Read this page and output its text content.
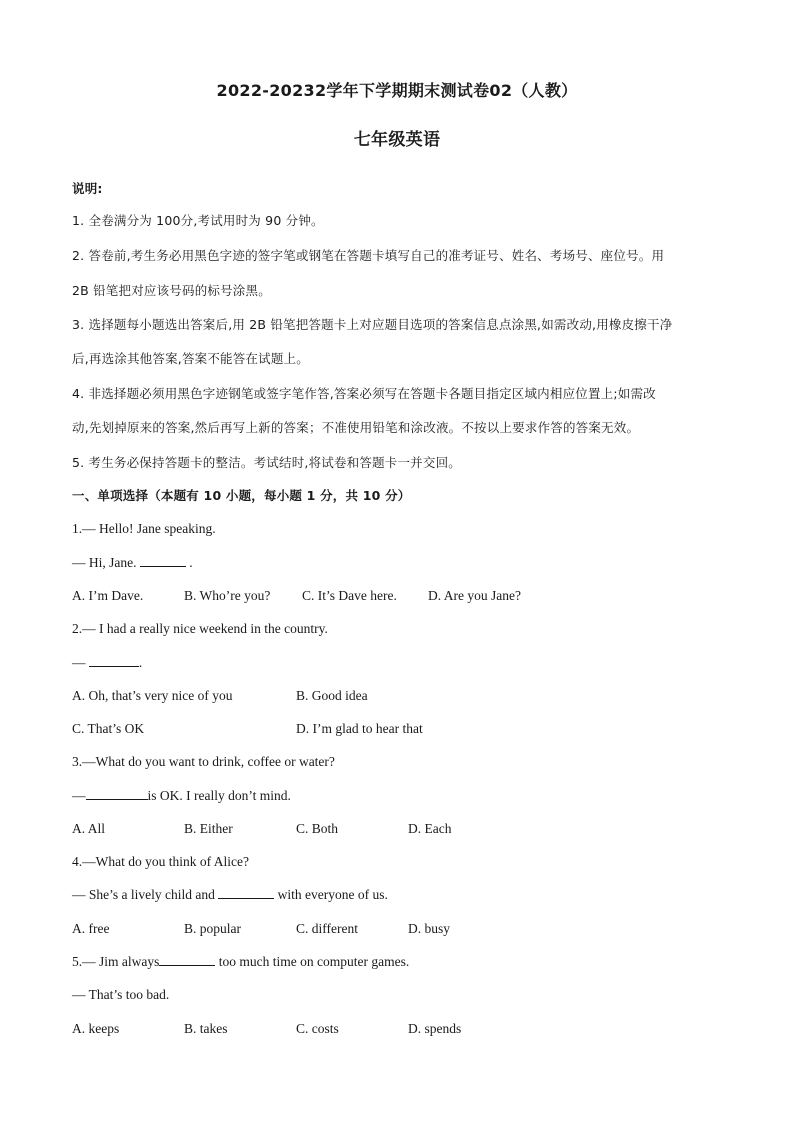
2022-20232学年下学期期末测试卷02（人教）
七年级英语
说明:
1. 全卷满分为 100分,考试用时为 90 分钟。
2. 答卷前,考生务必用黑色字迹的签字笔或钢笔在答题卡填写自己的准考证号、姓名、考场号、座位号。用
2B 铅笔把对应该号码的标号涂黑。
3. 选择题每小题选出答案后,用 2B 铅笔把答题卡上对应题目选项的答案信息点涂黑,如需改动,用橡皮擦干净
后,再选涂其他答案,答案不能答在试题上。
4. 非选择题必须用黑色字迹钢笔或签字笔作答,答案必须写在答题卡各题目指定区域内相应位置上;如需改
动,先划掉原来的答案,然后再写上新的答案；不准使用铅笔和涂改液。不按以上要求作答的答案无效。
5. 考生务必保持答题卡的整洁。考试结时,将试卷和答题卡一并交回。
一、单项选择（本题有 10 小题，每小题 1 分，共 10 分）
1.— Hello! Jane speaking.
— Hi, Jane.	.
A. I’m Dave.	B. Who’re you? C. It’s Dave here. D. Are you Jane?
2.— I had a really nice weekend in the country.
—	.
A. Oh, that’s very nice of you	B. Good idea
C. That’s OK	D. I’m glad to hear that
3.—What do you want to drink, coffee or water?
—	is OK. I really don’t mind.
A. All	B. Either	C. Both	D. Each
4.—What do you think of Alice?
— She’s a lively child and	with everyone of us.
A. free	B. popular	C. different	D. busy
5.— Jim always	too much time on computer games.
— That’s too bad.
A. keeps	B. takes	C. costs	D. spends
